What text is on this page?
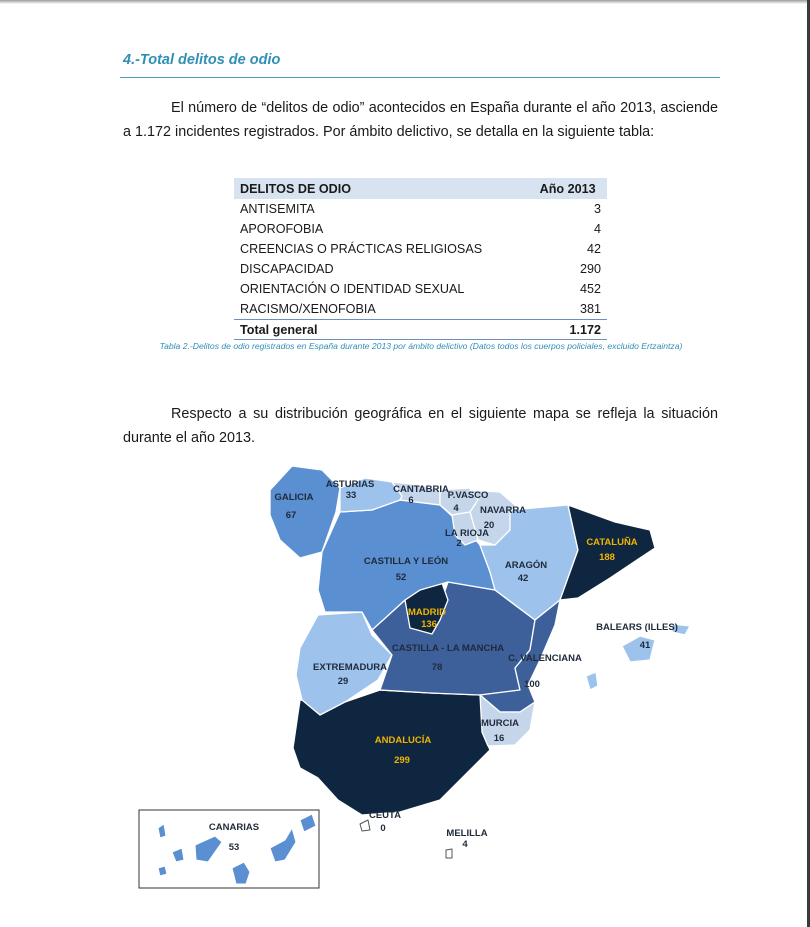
4.-Total delitos de odio
El número de “delitos de odio” acontecidos en España durante el año 2013, asciende a 1.172 incidentes registrados. Por ámbito delictivo, se detalla en la siguiente tabla:
DELITOS DE ODIO	Año 2013
ANTISEMITA	3
APOROFOBIA	4
CREENCIAS O PRÁCTICAS RELIGIOSAS	42
DISCAPACIDAD	290
ORIENTACIÓN O IDENTIDAD SEXUAL	452
RACISMO/XENOFOBIA	381
Total general	1.172
Tabla 2.-Delitos de odio registrados en España durante 2013 por ámbito delictivo (Datos todos los cuerpos policiales, excluido Ertzaintza)
Respecto a su distribución geográfica en el siguiente mapa se refleja la situación durante el año 2013.
GALICIA
67
ASTURIAS
33
CANTABRIA
6	P.VASCO
4 NAVARRA
20
LA RIOJA
2
CASTILLA Y LEÓN
52
ARAGÓN
42
CATALUÑA
188
MADRID
136
CASTILLA - LA MANCHA
78
EXTREMADURA
29
C. VALENCIANA
100
BALEARS (ILLES)
41
MURCIA
16
ANDALUCÍA
299
CANARIAS
53
CEUTA
0	MELILLA
4
